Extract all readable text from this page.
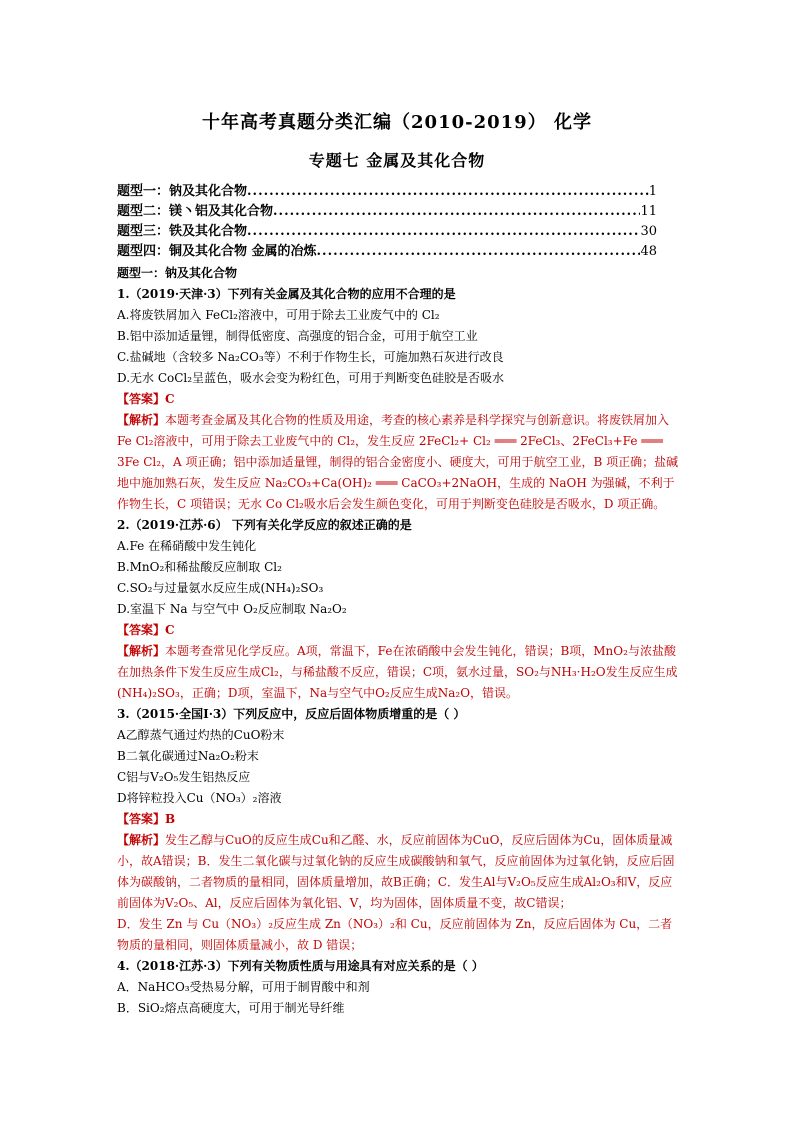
十年高考真题分类汇编（2010-2019） 化学
专题七 金属及其化合物
题型一：钠及其化合物 .....	1
题型二：镁丶铝及其化合物 .....	11
题型三：铁及其化合物 .....	30
题型四：铜及其化合物 金属的冶炼 .....	48
题型一：钠及其化合物
1.（2019·天津·3）下列有关金属及其化合物的应用不合理的是
A.将废铁屑加入 FeCl₂溶液中，可用于除去工业废气中的 Cl₂
B.铝中添加适量锂，制得低密度、高强度的铝合金，可用于航空工业
C.盐碱地（含较多 Na₂CO₃等）不利于作物生长，可施加熟石灰进行改良
D.无水 CoCl₂呈蓝色，吸水会变为粉红色，可用于判断变色硅胶是否吸水
【答案】C
【解析】本题考查金属及其化合物的性质及用途，考查的核心素养是科学探究与创新意识。将废铁屑加入 Fe Cl₂溶液中，可用于除去工业废气中的 Cl₂，发生反应 2FeCl₂+ Cl₂ ═══ 2FeCl₃、2FeCl₃+Fe ═══ 3Fe Cl₂，A 项正确；铝中添加适量锂，制得的铝合金密度小、硬度大，可用于航空工业，B 项正确；盐碱地中施加熟石灰，发生反应 Na₂CO₃+Ca(OH)₂ ═══ CaCO₃+2NaOH，生成的 NaOH 为强碱，不利于作物生长，C 项错误；无水 Co Cl₂吸水后会发生颜色变化，可用于判断变色硅胶是否吸水，D 项正确。
2.（2019·江苏·6） 下列有关化学反应的叙述正确的是
A.Fe 在稀硝酸中发生钝化
B.MnO₂和稀盐酸反应制取 Cl₂
C.SO₂与过量氨水反应生成(NH₄)₂SO₃
D.室温下 Na 与空气中 O₂反应制取 Na₂O₂
【答案】C
【解析】本题考查常见化学反应。A项，常温下，Fe在浓硝酸中会发生钝化，错误；B项，MnO₂与浓盐酸在加热条件下发生反应生成Cl₂，与稀盐酸不反应，错误；C项，氨水过量，SO₂与NH₃·H₂O发生反应生成(NH₄)₂SO₃，正确；D项，室温下，Na与空气中O₂反应生成Na₂O，错误。
3.（2015·全国Ⅰ·3）下列反应中，反应后固体物质增重的是（ ）
A乙醇蒸气通过灼热的CuO粉末
B二氧化碳通过Na₂O₂粉末
C铝与V₂O₅发生铝热反应
D将锌粒投入Cu（NO₃）₂溶液
【答案】B
【解析】发生乙醇与CuO的反应生成Cu和乙醛、水，反应前固体为CuO，反应后固体为Cu，固体质量减小，故A错误；B．发生二氧化碳与过氧化钠的反应生成碳酸钠和氧气，反应前固体为过氧化钠，反应后固体为碳酸钠，二者物质的量相同，固体质量增加，故B正确；C．发生Al与V₂O₅反应生成Al₂O₃和V，反应前固体为V₂O₅、Al，反应后固体为氧化铝、V，均为固体，固体质量不变，故C错误；
D．发生 Zn 与 Cu（NO₃）₂反应生成 Zn（NO₃）₂和 Cu，反应前固体为 Zn，反应后固体为 Cu，二者物质的量相同，则固体质量减小，故 D 错误；
4.（2018·江苏·3）下列有关物质性质与用途具有对应关系的是（ ）
A．NaHCO₃受热易分解，可用于制胃酸中和剂
B．SiO₂熔点高硬度大，可用于制光导纤维
